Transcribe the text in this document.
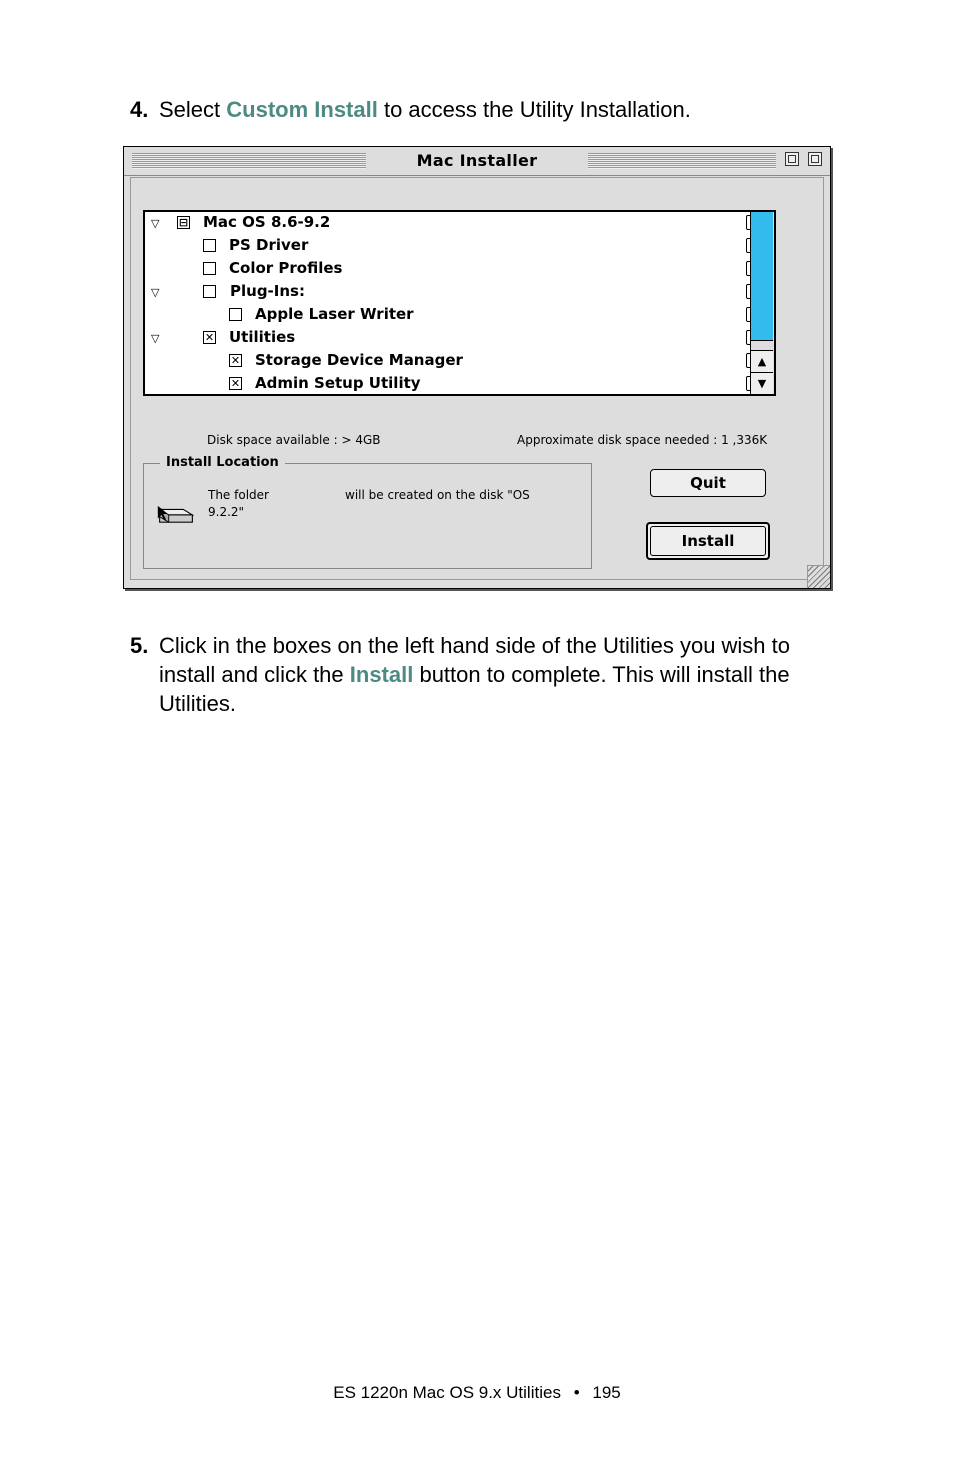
4. Select Custom Install to access the Utility Installation.
Mac Installer
▽ ⊟ Mac OS 8.6-9.2
PS Driver
Color Profiles
▽	Plug-Ins:
Apple Laser Writer
▽	✕ Utilities
✕ Storage Device Manager
✕ Admin Setup Utility
▲
▼
Disk space available : > 4GB	Approximate disk space needed : 1 ,336K
Install Location
The folder	will be created on the disk "OS
9.2.2"
Quit
Install
5. Click in the boxes on the left hand side of the Utilities you wish to
install and click the Install button to complete. This will install the
Utilities.
ES 1220n Mac OS 9.x Utilities • 195
